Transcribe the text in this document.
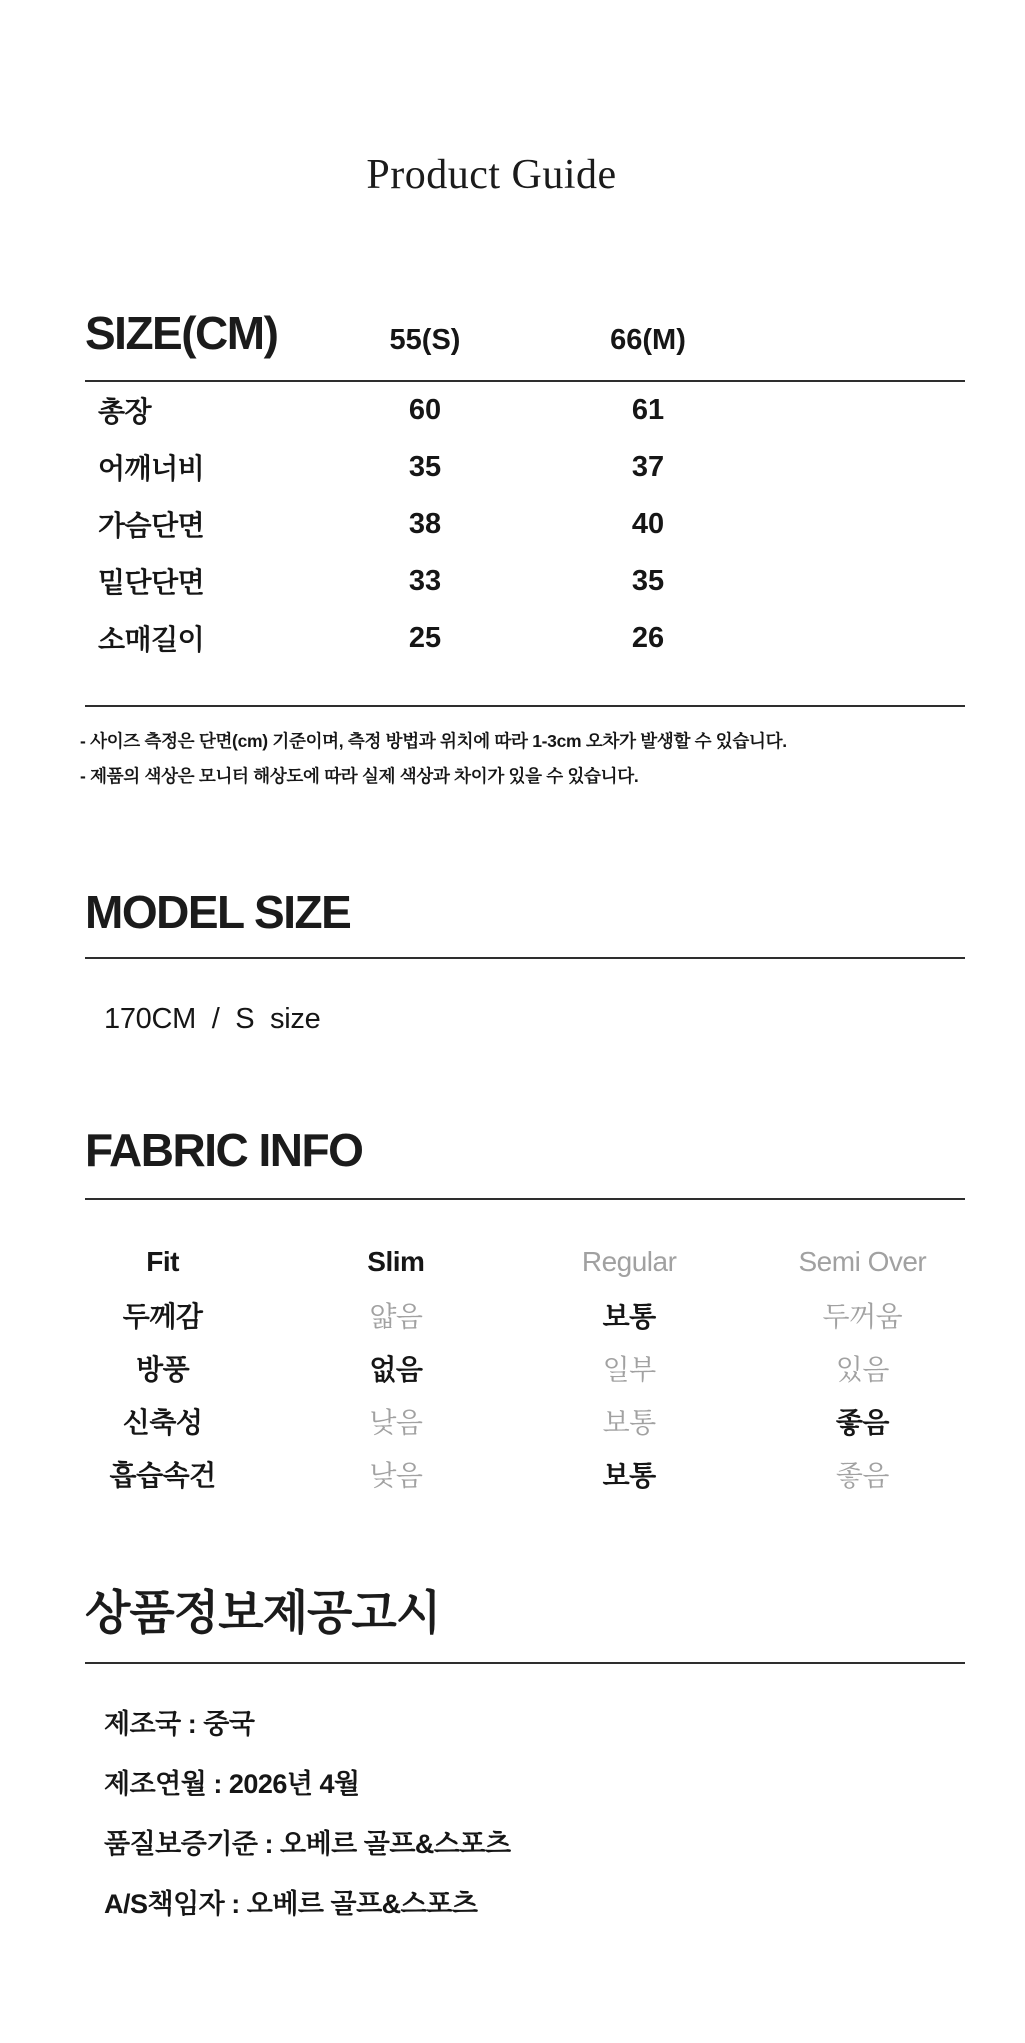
Product Guide
SIZE(CM)	55(S)	66(M)
총장	60	61
어깨너비	35	37
가슴단면	38	40
밑단단면	33	35
소매길이	25	26

- 사이즈 측정은 단면(cm) 기준이며, 측정 방법과 위치에 따라 1-3cm 오차가 발생할 수 있습니다.

- 제품의 색상은 모니터 해상도에 따라 실제 색상과 차이가 있을 수 있습니다.

MODEL SIZE

170CM / S size

FABRIC INFO
Fit	Slim	Regular	Semi Over
두께감	얇음	보통	두꺼움
방풍	없음	일부	있음
신축성	낮음	보통	좋음
흡습속건	낮음	보통	좋음
상품정보제공고시

제조국 : 중국

제조연월 : 2026년 4월

품질보증기준 : 오베르 골프&스포츠

A/S책임자 : 오베르 골프&스포츠
